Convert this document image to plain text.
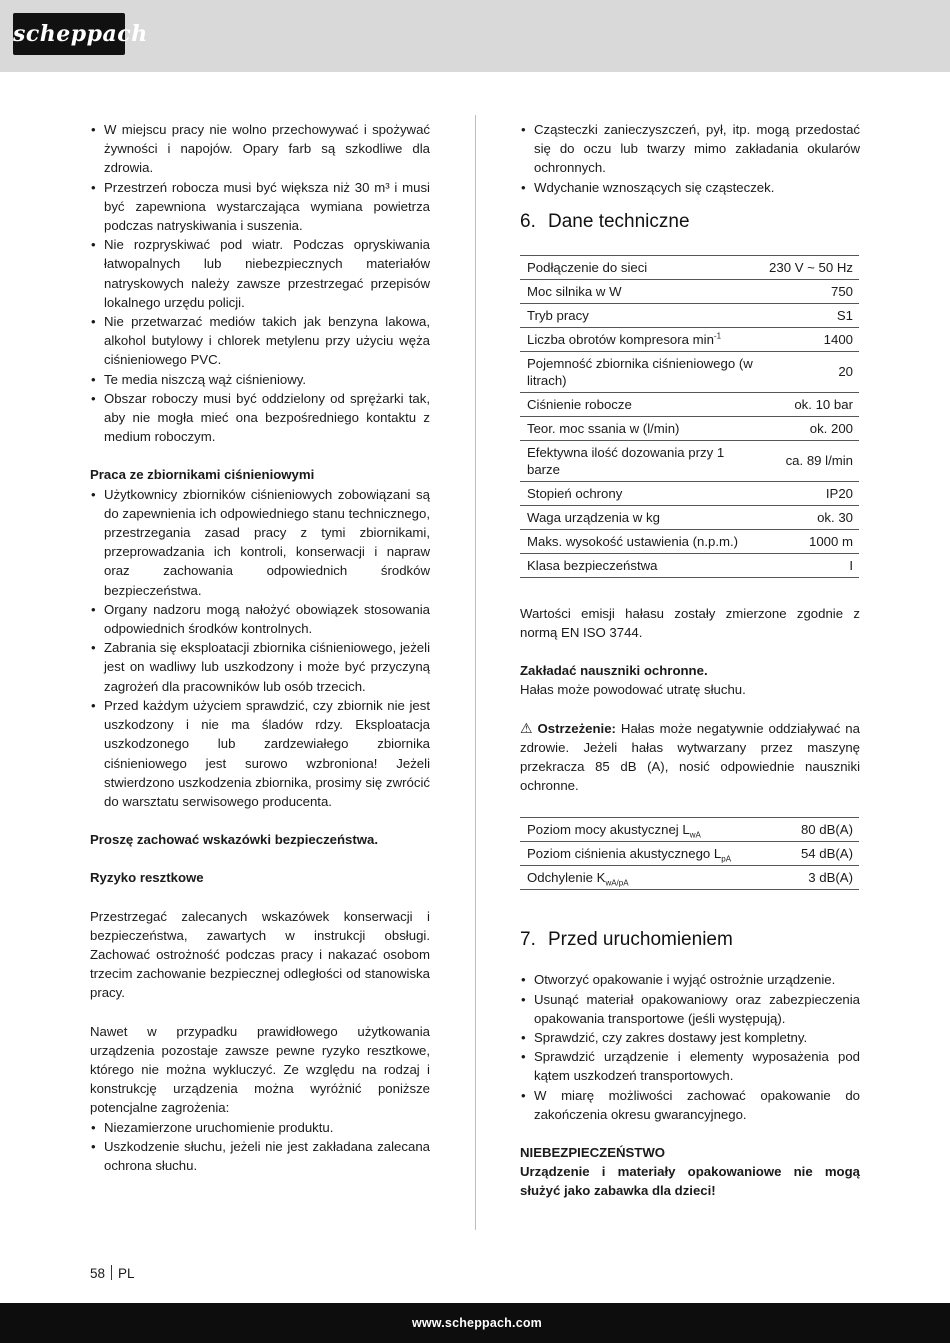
scheppach
• W miejscu pracy nie wolno przechowywać i spożywać żywności i napojów. Opary farb są szkodliwe dla zdrowia.
• Przestrzeń robocza musi być większa niż 30 m³ i musi być zapewniona wystarczająca wymiana powietrza podczas natryskiwania i suszenia.
• Nie rozpryskiwać pod wiatr. Podczas opryskiwania łatwopalnych lub niebezpiecznych materiałów natryskowych należy zawsze przestrzegać przepisów lokalnego urzędu policji.
• Nie przetwarzać mediów takich jak benzyna lakowa, alkohol butylowy i chlorek metylenu przy użyciu węża ciśnieniowego PVC.
• Te media niszczą wąż ciśnieniowy.
• Obszar roboczy musi być oddzielony od sprężarki tak, aby nie mogła mieć ona bezpośredniego kontaktu z medium roboczym.
Praca ze zbiornikami ciśnieniowymi
• Użytkownicy zbiorników ciśnieniowych zobowiązani są do zapewnienia ich odpowiedniego stanu technicznego, przestrzegania zasad pracy z tymi zbiornikami, przeprowadzania ich kontroli, konserwacji i napraw oraz zachowania odpowiednich środków bezpieczeństwa.
• Organy nadzoru mogą nałożyć obowiązek stosowania odpowiednich środków kontrolnych.
• Zabrania się eksploatacji zbiornika ciśnieniowego, jeżeli jest on wadliwy lub uszkodzony i może być przyczyną zagrożeń dla pracowników lub osób trzecich.
• Przed każdym użyciem sprawdzić, czy zbiornik nie jest uszkodzony i nie ma śladów rdzy. Eksploatacja uszkodzonego lub zardzewiałego zbiornika ciśnieniowego jest surowo wzbroniona! Jeżeli stwierdzono uszkodzenia zbiornika, prosimy się zwrócić do warsztatu serwisowego producenta.
Proszę zachować wskazówki bezpieczeństwa.
Ryzyko resztkowe

Przestrzegać zalecanych wskazówek konserwacji i bezpieczeństwa, zawartych w instrukcji obsługi. Zachować ostrożność podczas pracy i nakazać osobom trzecim zachowanie bezpiecznej odległości od stanowiska pracy.

Nawet w przypadku prawidłowego użytkowania urządzenia pozostaje zawsze pewne ryzyko resztkowe, którego nie można wykluczyć. Ze względu na rodzaj i konstrukcję urządzenia można wyróżnić poniższe potencjalne zagrożenia:

• Niezamierzone uruchomienie produktu.
• Uszkodzenie słuchu, jeżeli nie jest zakładana zalecana ochrona słuchu.
• Cząsteczki zanieczyszczeń, pył, itp. mogą przedostać się do oczu lub twarzy mimo zakładania okularów ochronnych.
• Wdychanie wznoszących się cząsteczek.
6. Dane techniczne
Podłączenie do sieci	230 V ~ 50 Hz
Moc silnika w W	750
Tryb pracy	S1
Liczba obrotów kompresora $\min^{-1}$	1400
Pojemność zbiornika ciśnieniowego (w litrach)	20
Ciśnienie robocze	ok. 10 bar
Teor. moc ssania w (l/min)	ok. 200
Efektywna ilość dozowania przy 1 barze	ca. 89 l/min
Stopień ochrony	IP20
Waga urządzenia w kg	ok. 30
Maks. wysokość ustawienia (n.p.m.)	1000 m
Klasa bezpieczeństwa	I

Wartości emisji hałasu zostały zmierzone zgodnie z normą EN ISO 3744.

Zakładać nauszniki ochronne.
Hałas może powodować utratę słuchu.

⚠ Ostrzeżenie: Hałas może negatywnie oddziaływać na zdrowie. Jeżeli hałas wytwarzany przez maszynę przekracza 85 dB (A), nosić odpowiednie nauszniki ochronne.

Poziom mocy akustycznej $L_{wA}$	80 dB(A)
Poziom ciśnienia akustycznego $L_{pA}$	54 dB(A)
Odchylenie $K_{wA/pA}$	3 dB(A)
7. Przed uruchomieniem
• Otworzyć opakowanie i wyjąć ostrożnie urządzenie.
• Usunąć materiał opakowaniowy oraz zabezpieczenia opakowania transportowe (jeśli występują).
• Sprawdzić, czy zakres dostawy jest kompletny.
• Sprawdzić urządzenie i elementy wyposażenia pod kątem uszkodzeń transportowych.
• W miarę możliwości zachować opakowanie do zakończenia okresu gwarancyjnego.
NIEBEZPIECZEŃSTWO

Urządzenie i materiały opakowaniowe nie mogą służyć jako zabawka dla dzieci!

58 PL
www.scheppach.com
